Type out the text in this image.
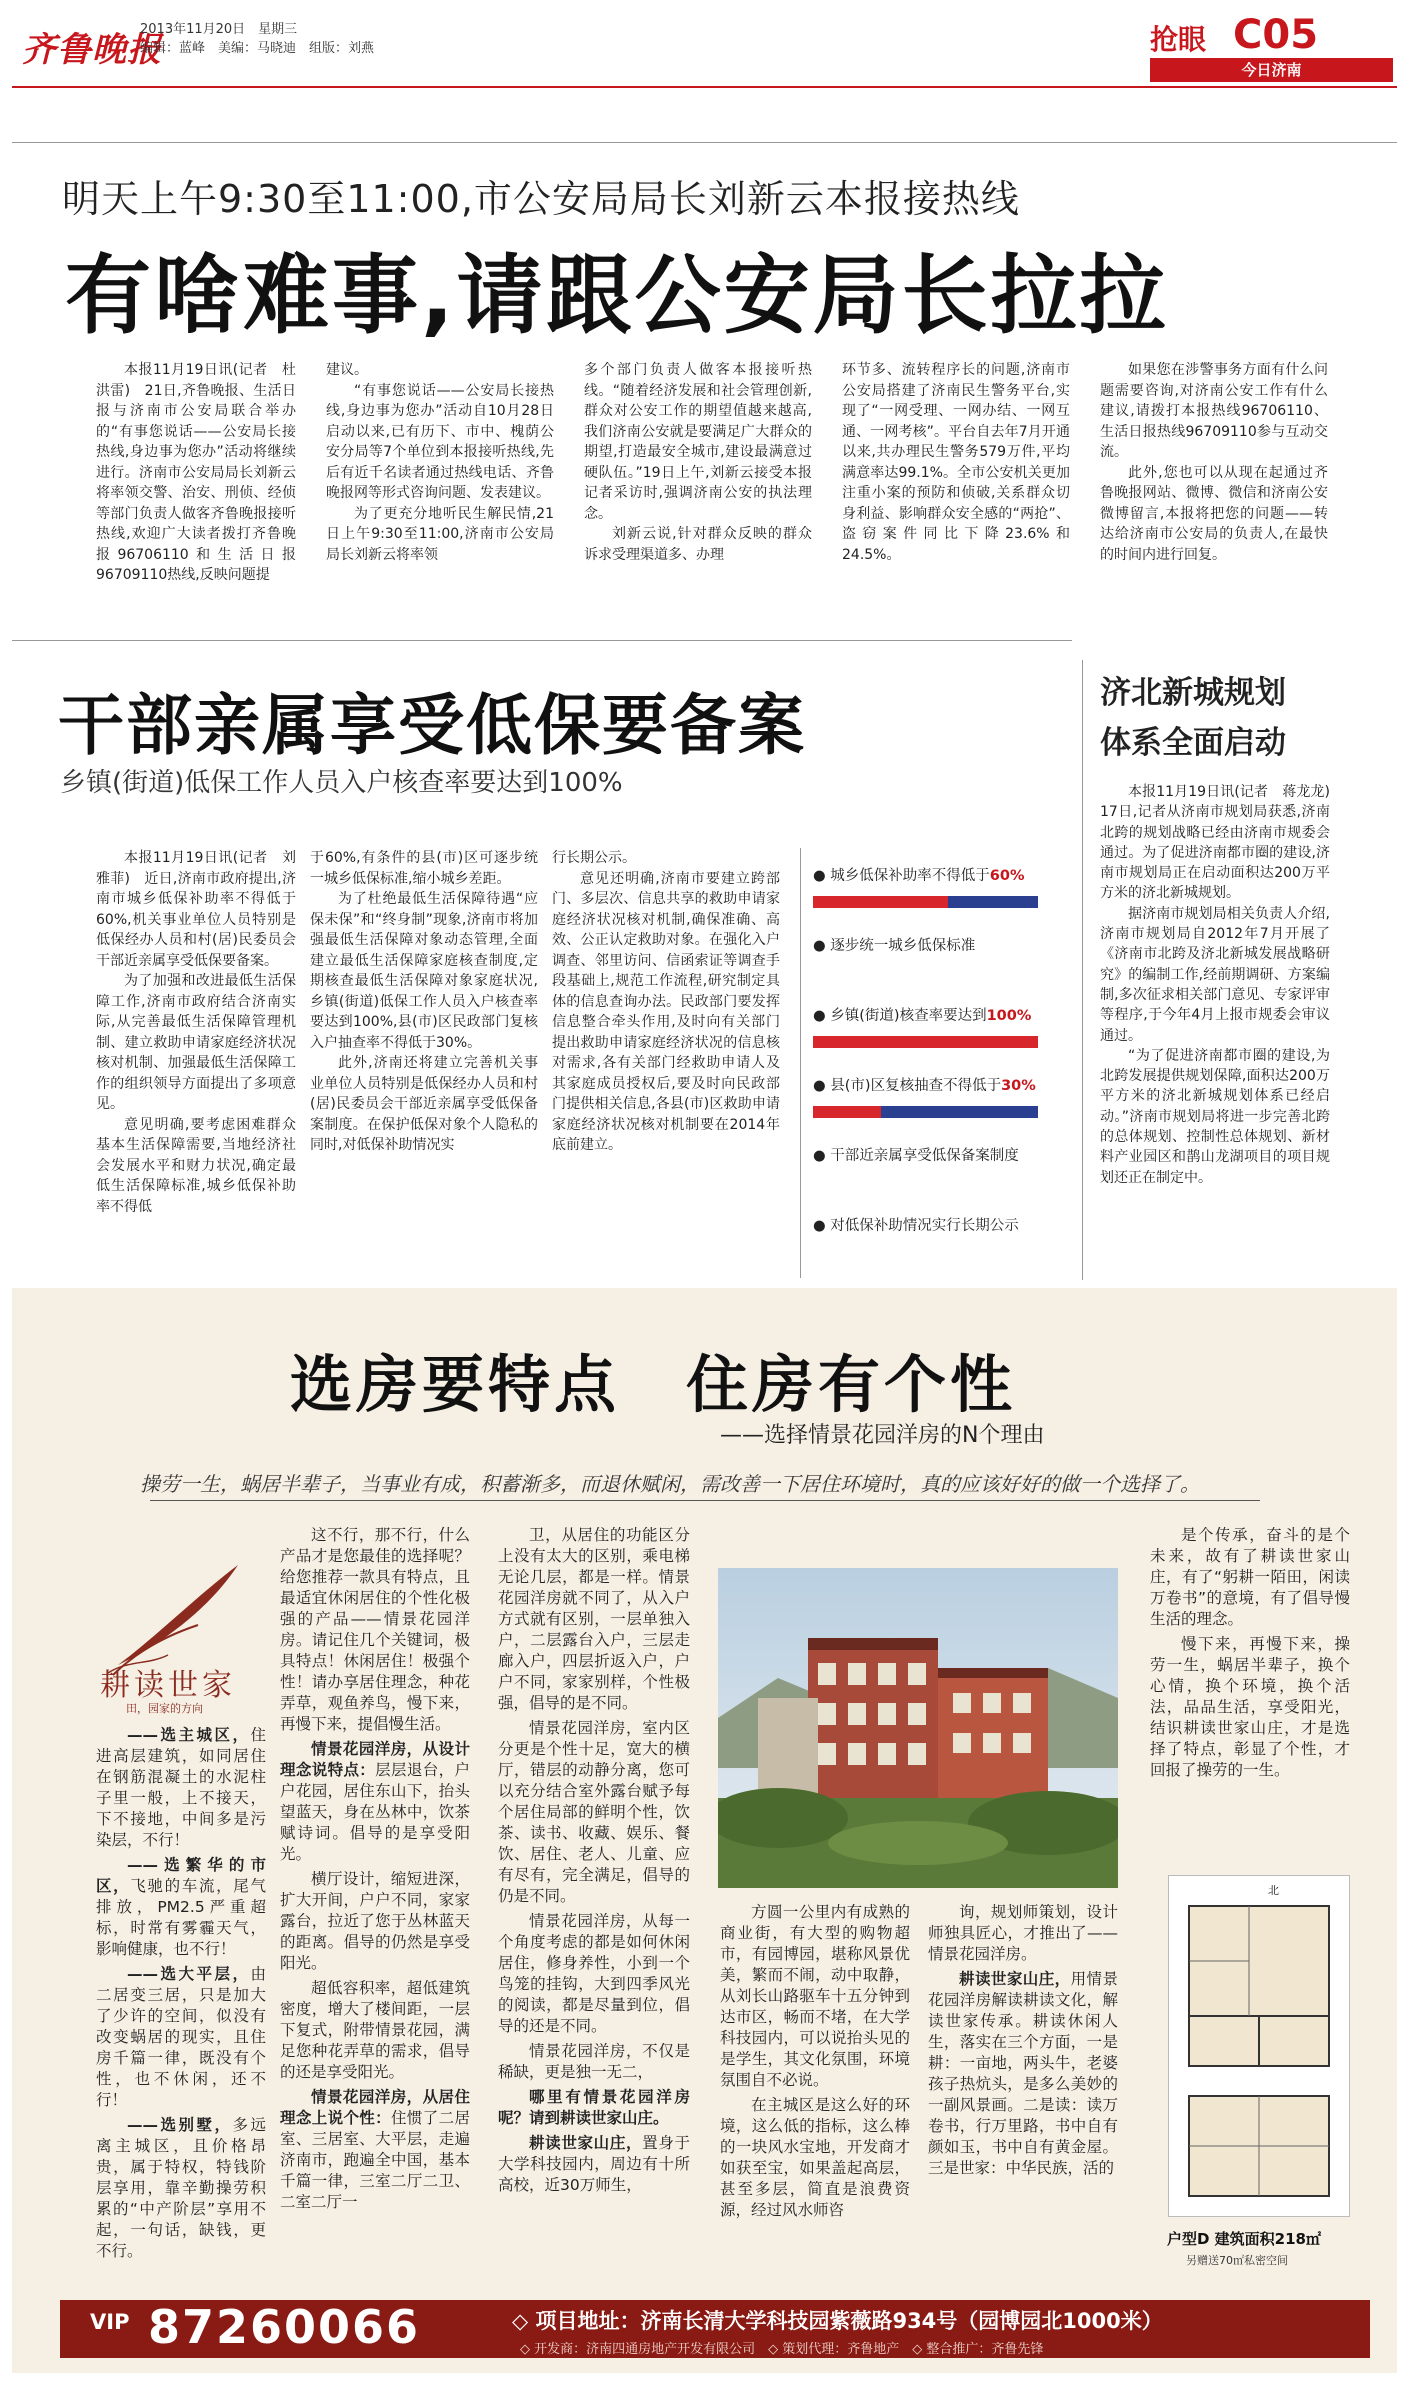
齐鲁晚报
2013年11月20日　星期三
编辑：蓝峰　美编：马晓迪　组版：刘燕	抢眼 C05
今日济南
明天上午9:30至11:00,市公安局局长刘新云本报接热线
有啥难事,请跟公安局长拉拉

本报11月19日讯(记者　杜洪雷)　21日,齐鲁晚报、生活日报与济南市公安局联合举办的“有事您说话——公安局长接热线,身边事为您办”活动将继续进行。济南市公安局局长刘新云将率领交警、治安、刑侦、经侦等部门负责人做客齐鲁晚报接听热线,欢迎广大读者拨打齐鲁晚报96706110和生活日报96709110热线,反映问题提

建议。

“有事您说话——公安局长接热线,身边事为您办”活动自10月28日启动以来,已有历下、市中、槐荫公安分局等7个单位到本报接听热线,先后有近千名读者通过热线电话、齐鲁晚报网等形式咨询问题、发表建议。

为了更充分地听民生解民情,21日上午9:30至11:00,济南市公安局局长刘新云将率领

多个部门负责人做客本报接听热线。“随着经济发展和社会管理创新,群众对公安工作的期望值越来越高,我们济南公安就是要满足广大群众的期望,打造最安全城市,建设最满意过硬队伍。”19日上午,刘新云接受本报记者采访时,强调济南公安的执法理念。

刘新云说,针对群众反映的群众诉求受理渠道多、办理

环节多、流转程序长的问题,济南市公安局搭建了济南民生警务平台,实现了“一网受理、一网办结、一网互通、一网考核”。平台自去年7月开通以来,共办理民生警务579万件,平均满意率达99.1%。全市公安机关更加注重小案的预防和侦破,关系群众切身利益、影响群众安全感的“两抢”、盗窃案件同比下降23.6%和24.5%。

如果您在涉警事务方面有什么问题需要咨询,对济南公安工作有什么建议,请拨打本报热线96706110、生活日报热线96709110参与互动交流。

此外,您也可以从现在起通过齐鲁晚报网站、微博、微信和济南公安微博留言,本报将把您的问题——转达给济南市公安局的负责人,在最快的时间内进行回复。

干部亲属享受低保要备案
乡镇(街道)低保工作人员入户核查率要达到100%

本报11月19日讯(记者　刘雅菲)　近日,济南市政府提出,济南市城乡低保补助率不得低于60%,机关事业单位人员特别是低保经办人员和村(居)民委员会干部近亲属享受低保要备案。

为了加强和改进最低生活保障工作,济南市政府结合济南实际,从完善最低生活保障管理机制、建立救助申请家庭经济状况核对机制、加强最低生活保障工作的组织领导方面提出了多项意见。

意见明确,要考虑困难群众基本生活保障需要,当地经济社会发展水平和财力状况,确定最低生活保障标准,城乡低保补助率不得低

于60%,有条件的县(市)区可逐步统一城乡低保标准,缩小城乡差距。

为了杜绝最低生活保障待遇“应保未保”和“终身制”现象,济南市将加强最低生活保障对象动态管理,全面建立最低生活保障家庭核查制度,定期核查最低生活保障对象家庭状况,乡镇(街道)低保工作人员入户核查率要达到100%,县(市)区民政部门复核入户抽查率不得低于30%。

此外,济南还将建立完善机关事业单位人员特别是低保经办人员和村(居)民委员会干部近亲属享受低保备案制度。在保护低保对象个人隐私的同时,对低保补助情况实

行长期公示。

意见还明确,济南市要建立跨部门、多层次、信息共享的救助申请家庭经济状况核对机制,确保准确、高效、公正认定救助对象。在强化入户调查、邻里访问、信函索证等调查手段基础上,规范工作流程,研究制定具体的信息查询办法。民政部门要发挥信息整合牵头作用,及时向有关部门提出救助申请家庭经济状况的信息核对需求,各有关部门经救助申请人及其家庭成员授权后,要及时向民政部门提供相关信息,各县(市)区救助申请家庭经济状况核对机制要在2014年底前建立。

● 城乡低保补助率不得低于60%
● 逐步统一城乡低保标准
● 乡镇(街道)核查率要达到100%
● 县(市)区复核抽查不得低于30%
● 干部近亲属享受低保备案制度
● 对低保补助情况实行长期公示
济北新城规划
体系全面启动

本报11月19日讯(记者　蒋龙龙)　17日,记者从济南市规划局获悉,济南北跨的规划战略已经由济南市规委会通过。为了促进济南都市圈的建设,济南市规划局正在启动面积达200万平方米的济北新城规划。

据济南市规划局相关负责人介绍,济南市规划局自2012年7月开展了《济南市北跨及济北新城发展战略研究》的编制工作,经前期调研、方案编制,多次征求相关部门意见、专家评审等程序,于今年4月上报市规委会审议通过。

“为了促进济南都市圈的建设,为北跨发展提供规划保障,面积达200万平方米的济北新城规划体系已经启动。”济南市规划局将进一步完善北跨的总体规划、控制性总体规划、新材料产业园区和鹊山龙湖项目的项目规划还正在制定中。

选房要特点　住房有个性
——选择情景花园洋房的N个理由
操劳一生，蜗居半辈子，当事业有成，积蓄渐多，而退休赋闲，需改善一下居住环境时，真的应该好好的做一个选择了。
耕读世家
田，园家的方向

——选主城区，住进高层建筑，如同居住在钢筋混凝土的水泥柱子里一般，上不接天，下不接地，中间多是污染层，不行！

——选繁华的市区，飞驰的车流，尾气排放，PM2.5严重超标，时常有雾霾天气，影响健康，也不行！

——选大平层，由二居变三居，只是加大了少许的空间，似没有改变蜗居的现实，且住房千篇一律，既没有个性，也不休闲，还不行！

——选别墅，多远离主城区，且价格昂贵，属于特权，特钱阶层享用，靠辛勤操劳积累的“中产阶层”享用不起，一句话，缺钱，更不行。

这不行，那不行，什么产品才是您最佳的选择呢？给您推荐一款具有特点，且最适宜休闲居住的个性化极强的产品——情景花园洋房。请记住几个关键词，极具特点！休闲居住！极强个性！请办享居住理念，种花弄草，观鱼养鸟，慢下来，再慢下来，提倡慢生活。

情景花园洋房，从设计理念说特点：层层退台，户户花园，居住东山下，抬头望蓝天，身在丛林中，饮茶赋诗词。倡导的是享受阳光。

横厅设计，缩短进深，扩大开间，户户不同，家家露台，拉近了您于丛林蓝天的距离。倡导的仍然是享受阳光。

超低容积率，超低建筑密度，增大了楼间距，一层下复式，附带情景花园，满足您种花弄草的需求，倡导的还是享受阳光。

情景花园洋房，从居住理念上说个性：住惯了二居室、三居室、大平层，走遍济南市，跑遍全中国，基本千篇一律，三室二厅二卫、二室二厅一

卫，从居住的功能区分上没有太大的区别，乘电梯无论几层，都是一样。情景花园洋房就不同了，从入户方式就有区别，一层单独入户，二层露台入户，三层走廊入户，四层折返入户，户户不同，家家别样，个性极强，倡导的是不同。

情景花园洋房，室内区分更是个性十足，宽大的横厅，错层的动静分离，您可以充分结合室外露台赋予每个居住局部的鲜明个性，饮茶、读书、收藏、娱乐、餐饮、居住、老人、儿童、应有尽有，完全满足，倡导的仍是不同。

情景花园洋房，从每一个角度考虑的都是如何休闲居住，修身养性，小到一个鸟笼的挂钩，大到四季风光的阅读，都是尽量到位，倡导的还是不同。

情景花园洋房，不仅是稀缺，更是独一无二，

哪里有情景花园洋房呢？请到耕读世家山庄。

耕读世家山庄，置身于大学科技园内，周边有十所高校，近30万师生，

方圆一公里内有成熟的商业街，有大型的购物超市，有园博园，堪称风景优美，繁而不闹，动中取静，从刘长山路驱车十五分钟到达市区，畅而不堵，在大学科技园内，可以说抬头见的是学生，其文化氛围，环境氛围自不必说。

在主城区是这么好的环境，这么低的指标，这么棒的一块风水宝地，开发商才如获至宝，如果盖起高层，甚至多层，简直是浪费资源，经过风水师咨

询，规划师策划，设计师独具匠心，才推出了——情景花园洋房。

耕读世家山庄，用情景花园洋房解读耕读文化，解读世家传承。耕读休闲人生，落实在三个方面，一是耕：一亩地，两头牛，老婆孩子热炕头，是多么美妙的一副风景画。二是读：读万卷书，行万里路，书中自有颜如玉，书中自有黄金屋。三是世家：中华民族，活的

是个传承，奋斗的是个未来，故有了耕读世家山庄，有了“躬耕一陌田，闲读万卷书”的意境，有了倡导慢生活的理念。

慢下来，再慢下来，操劳一生，蜗居半辈子，换个心情，换个环境，换个活法，品品生活，享受阳光，结识耕读世家山庄，才是选择了特点，彰显了个性，才回报了操劳的一生。

北
户型D 建筑面积218㎡
另赠送70㎡私密空间
VIP 87260066	◇ 项目地址：济南长清大学科技园紫薇路934号（园博园北1000米）
◇ 开发商：济南四通房地产开发有限公司　◇ 策划代理：齐鲁地产　◇ 整合推广：齐鲁先锋
